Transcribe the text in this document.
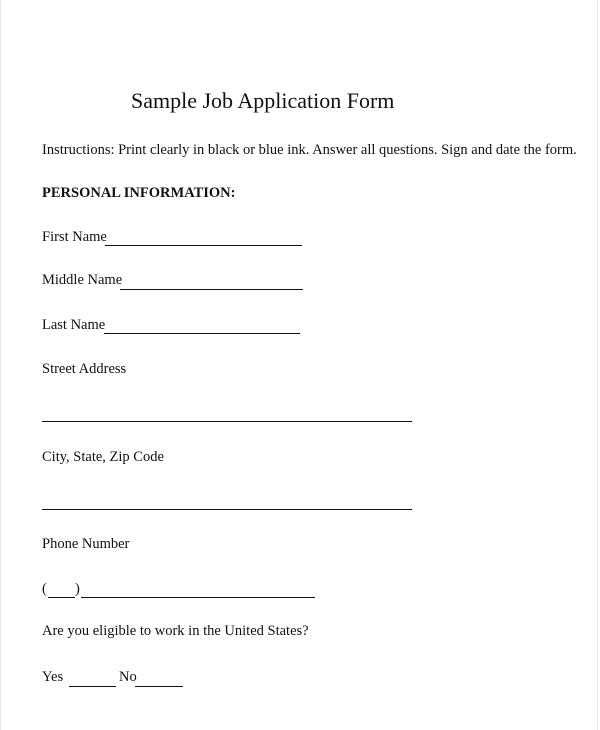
Sample Job Application Form
Instructions: Print clearly in black or blue ink. Answer all questions. Sign and date the form.
PERSONAL INFORMATION:
First Name
Middle Name
Last Name
Street Address
City, State, Zip Code
Phone Number
( )
Are you eligible to work in the United States?
Yes	No
